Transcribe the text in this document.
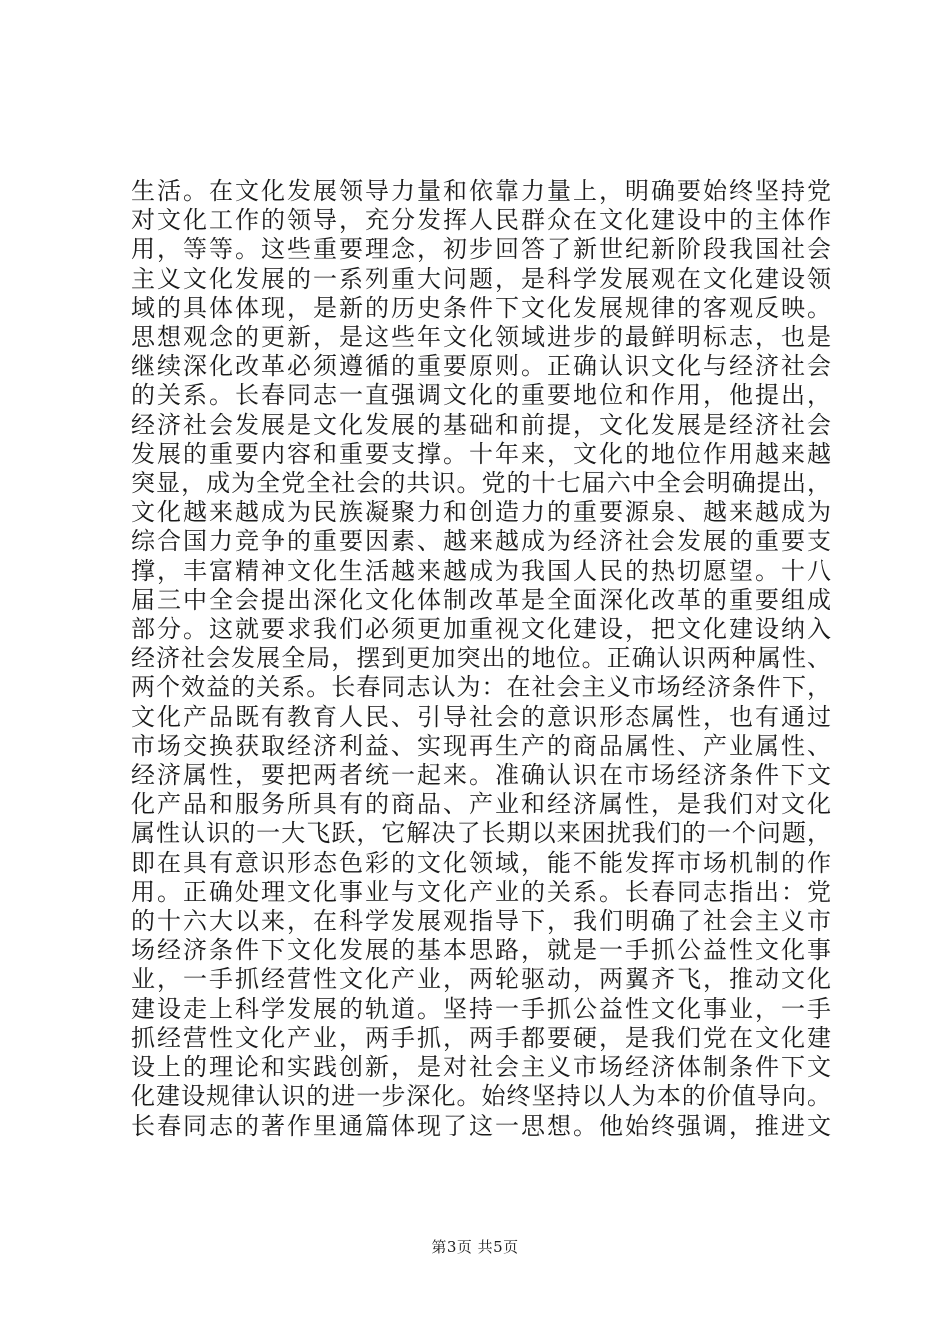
生活。在文化发展领导力量和依靠力量上，明确要始终坚持党
对文化工作的领导，充分发挥人民群众在文化建设中的主体作
用，等等。这些重要理念，初步回答了新世纪新阶段我国社会
主义文化发展的一系列重大问题，是科学发展观在文化建设领
域的具体体现，是新的历史条件下文化发展规律的客观反映。
思想观念的更新，是这些年文化领域进步的最鲜明标志，也是
继续深化改革必须遵循的重要原则。正确认识文化与经济社会
的关系。长春同志一直强调文化的重要地位和作用，他提出，
经济社会发展是文化发展的基础和前提，文化发展是经济社会
发展的重要内容和重要支撑。十年来，文化的地位作用越来越
突显，成为全党全社会的共识。党的十七届六中全会明确提出，
文化越来越成为民族凝聚力和创造力的重要源泉、越来越成为
综合国力竞争的重要因素、越来越成为经济社会发展的重要支
撑，丰富精神文化生活越来越成为我国人民的热切愿望。十八
届三中全会提出深化文化体制改革是全面深化改革的重要组成
部分。这就要求我们必须更加重视文化建设，把文化建设纳入
经济社会发展全局，摆到更加突出的地位。正确认识两种属性、
两个效益的关系。长春同志认为：在社会主义市场经济条件下，
文化产品既有教育人民、引导社会的意识形态属性，也有通过
市场交换获取经济利益、实现再生产的商品属性、产业属性、
经济属性，要把两者统一起来。准确认识在市场经济条件下文
化产品和服务所具有的商品、产业和经济属性，是我们对文化
属性认识的一大飞跃，它解决了长期以来困扰我们的一个问题，
即在具有意识形态色彩的文化领域，能不能发挥市场机制的作
用。正确处理文化事业与文化产业的关系。长春同志指出：党
的十六大以来，在科学发展观指导下，我们明确了社会主义市
场经济条件下文化发展的基本思路，就是一手抓公益性文化事
业，一手抓经营性文化产业，两轮驱动，两翼齐飞，推动文化
建设走上科学发展的轨道。坚持一手抓公益性文化事业，一手
抓经营性文化产业，两手抓，两手都要硬，是我们党在文化建
设上的理论和实践创新，是对社会主义市场经济体制条件下文
化建设规律认识的进一步深化。始终坚持以人为本的价值导向。
长春同志的著作里通篇体现了这一思想。他始终强调，推进文
第3页 共5页
